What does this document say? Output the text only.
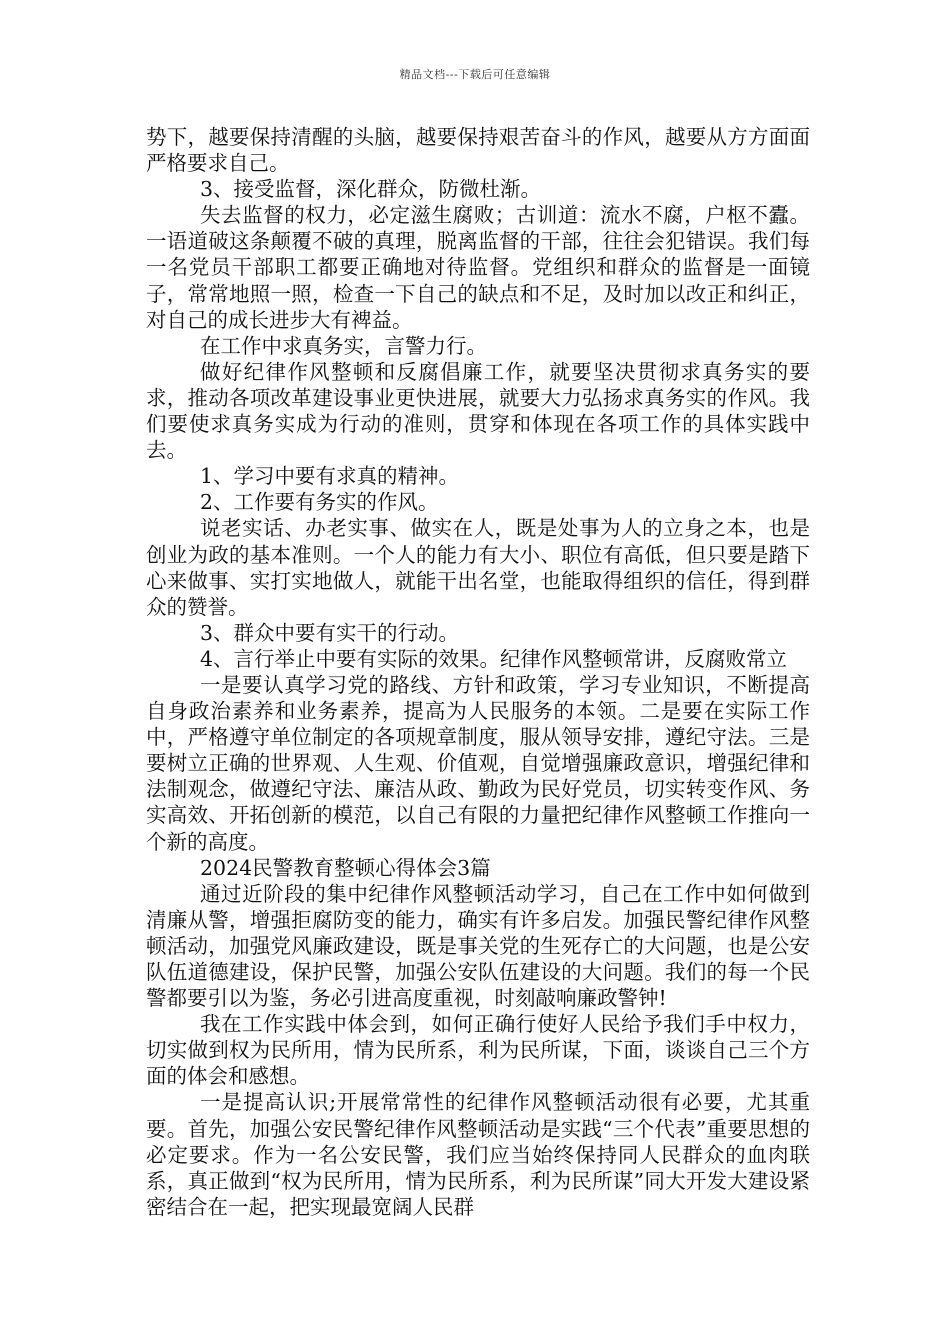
精品文档---下载后可任意编辑

势下，越要保持清醒的头脑，越要保持艰苦奋斗的作风，越要从方方面面严格要求自己。

3、接受监督，深化群众，防微杜渐。

失去监督的权力，必定滋生腐败；古训道：流水不腐，户枢不蠹。一语道破这条颠覆不破的真理，脱离监督的干部，往往会犯错误。我们每一名党员干部职工都要正确地对待监督。党组织和群众的监督是一面镜子，常常地照一照，检查一下自己的缺点和不足，及时加以改正和纠正，对自己的成长进步大有裨益。

在工作中求真务实，言警力行。

做好纪律作风整顿和反腐倡廉工作，就要坚决贯彻求真务实的要求，推动各项改革建设事业更快进展，就要大力弘扬求真务实的作风。我们要使求真务实成为行动的准则，贯穿和体现在各项工作的具体实践中去。

1、学习中要有求真的精神。

2、工作要有务实的作风。

说老实话、办老实事、做实在人，既是处事为人的立身之本，也是创业为政的基本准则。一个人的能力有大小、职位有高低，但只要是踏下心来做事、实打实地做人，就能干出名堂，也能取得组织的信任，得到群众的赞誉。

3、群众中要有实干的行动。

4、言行举止中要有实际的效果。纪律作风整顿常讲，反腐败常立

一是要认真学习党的路线、方针和政策，学习专业知识，不断提高自身政治素养和业务素养，提高为人民服务的本领。二是要在实际工作中，严格遵守单位制定的各项规章制度，服从领导安排，遵纪守法。三是要树立正确的世界观、人生观、价值观，自觉增强廉政意识，增强纪律和法制观念，做遵纪守法、廉洁从政、勤政为民好党员，切实转变作风、务实高效、开拓创新的模范，以自己有限的力量把纪律作风整顿工作推向一个新的高度。

2024民警教育整顿心得体会3篇

通过近阶段的集中纪律作风整顿活动学习，自己在工作中如何做到清廉从警，增强拒腐防变的能力，确实有许多启发。加强民警纪律作风整顿活动，加强党风廉政建设，既是事关党的生死存亡的大问题，也是公安队伍道德建设，保护民警，加强公安队伍建设的大问题。我们的每一个民警都要引以为鉴，务必引进高度重视，时刻敲响廉政警钟!

我在工作实践中体会到，如何正确行使好人民给予我们手中权力，切实做到权为民所用，情为民所系，利为民所谋，下面，谈谈自己三个方面的体会和感想。

一是提高认识;开展常常性的纪律作风整顿活动很有必要，尤其重要。首先，加强公安民警纪律作风整顿活动是实践“三个代表”重要思想的必定要求。作为一名公安民警，我们应当始终保持同人民群众的血肉联系，真正做到“权为民所用，情为民所系，利为民所谋”同大开发大建设紧密结合在一起，把实现最宽阔人民群
